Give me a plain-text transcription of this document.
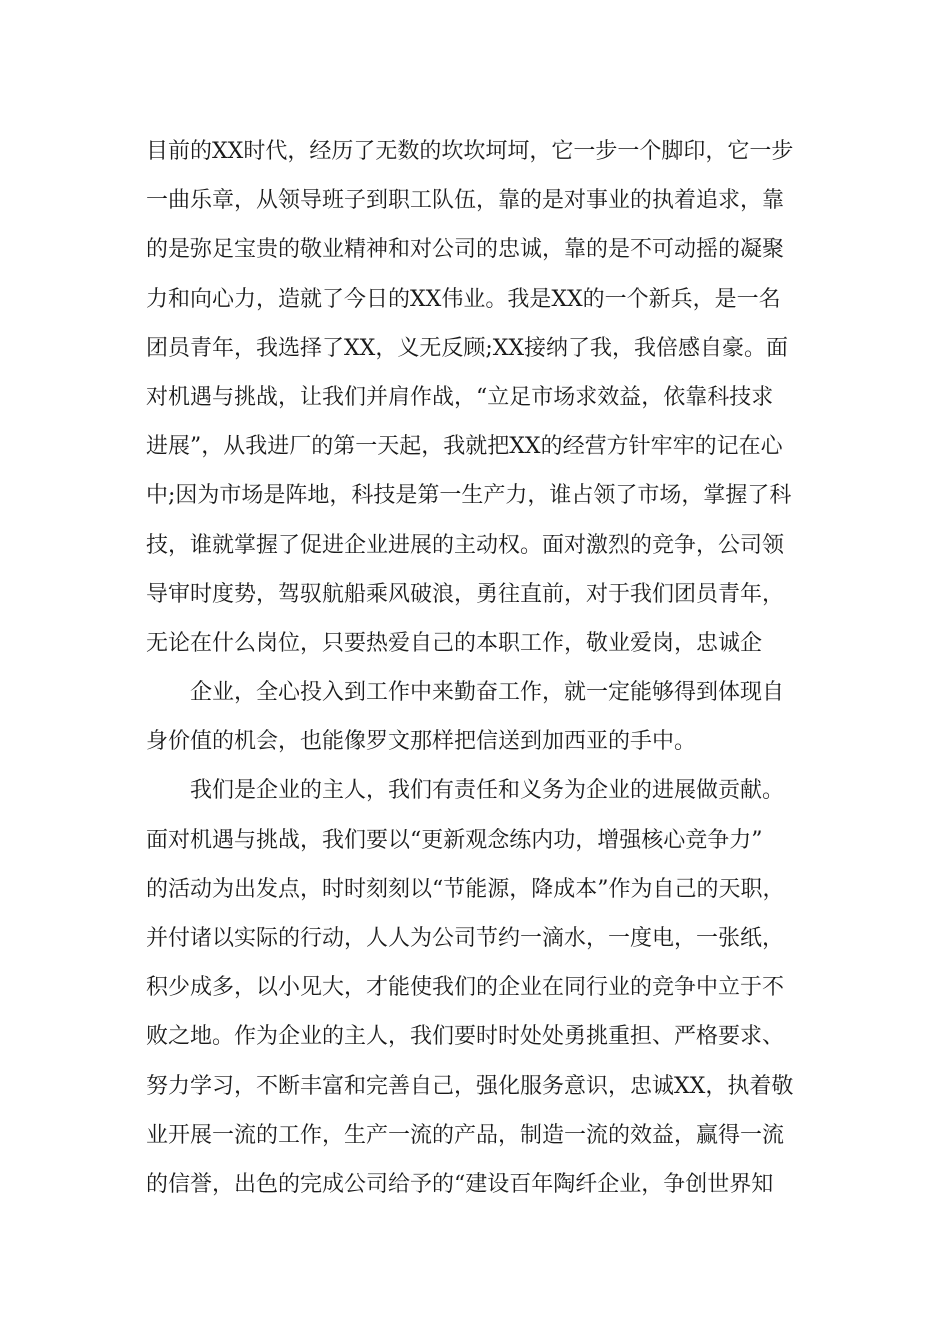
目前的XX时代，经历了无数的坎坎坷坷，它一步一个脚印，它一步
一曲乐章，从领导班子到职工队伍，靠的是对事业的执着追求，靠
的是弥足宝贵的敬业精神和对公司的忠诚，靠的是不可动摇的凝聚
力和向心力，造就了今日的XX伟业。我是XX的一个新兵，是一名
团员青年，我选择了XX，义无反顾;XX接纳了我，我倍感自豪。面
对机遇与挑战，让我们并肩作战，“立足市场求效益，依靠科技求
进展”，从我进厂的第一天起，我就把XX的经营方针牢牢的记在心
中;因为市场是阵地，科技是第一生产力，谁占领了市场，掌握了科
技，谁就掌握了促进企业进展的主动权。面对激烈的竞争，公司领
导审时度势，驾驭航船乘风破浪，勇往直前，对于我们团员青年，
无论在什么岗位，只要热爱自己的本职工作，敬业爱岗，忠诚企
企业，全心投入到工作中来勤奋工作，就一定能够得到体现自
身价值的机会，也能像罗文那样把信送到加西亚的手中。
我们是企业的主人，我们有责任和义务为企业的进展做贡献。
面对机遇与挑战，我们要以“更新观念练内功，增强核心竞争力”
的活动为出发点，时时刻刻以“节能源，降成本”作为自己的天职，
并付诸以实际的行动，人人为公司节约一滴水，一度电，一张纸，
积少成多，以小见大，才能使我们的企业在同行业的竞争中立于不
败之地。作为企业的主人，我们要时时处处勇挑重担、严格要求、
努力学习，不断丰富和完善自己，强化服务意识，忠诚XX，执着敬
业开展一流的工作，生产一流的产品，制造一流的效益，赢得一流
的信誉，出色的完成公司给予的“建设百年陶纤企业，争创世界知
